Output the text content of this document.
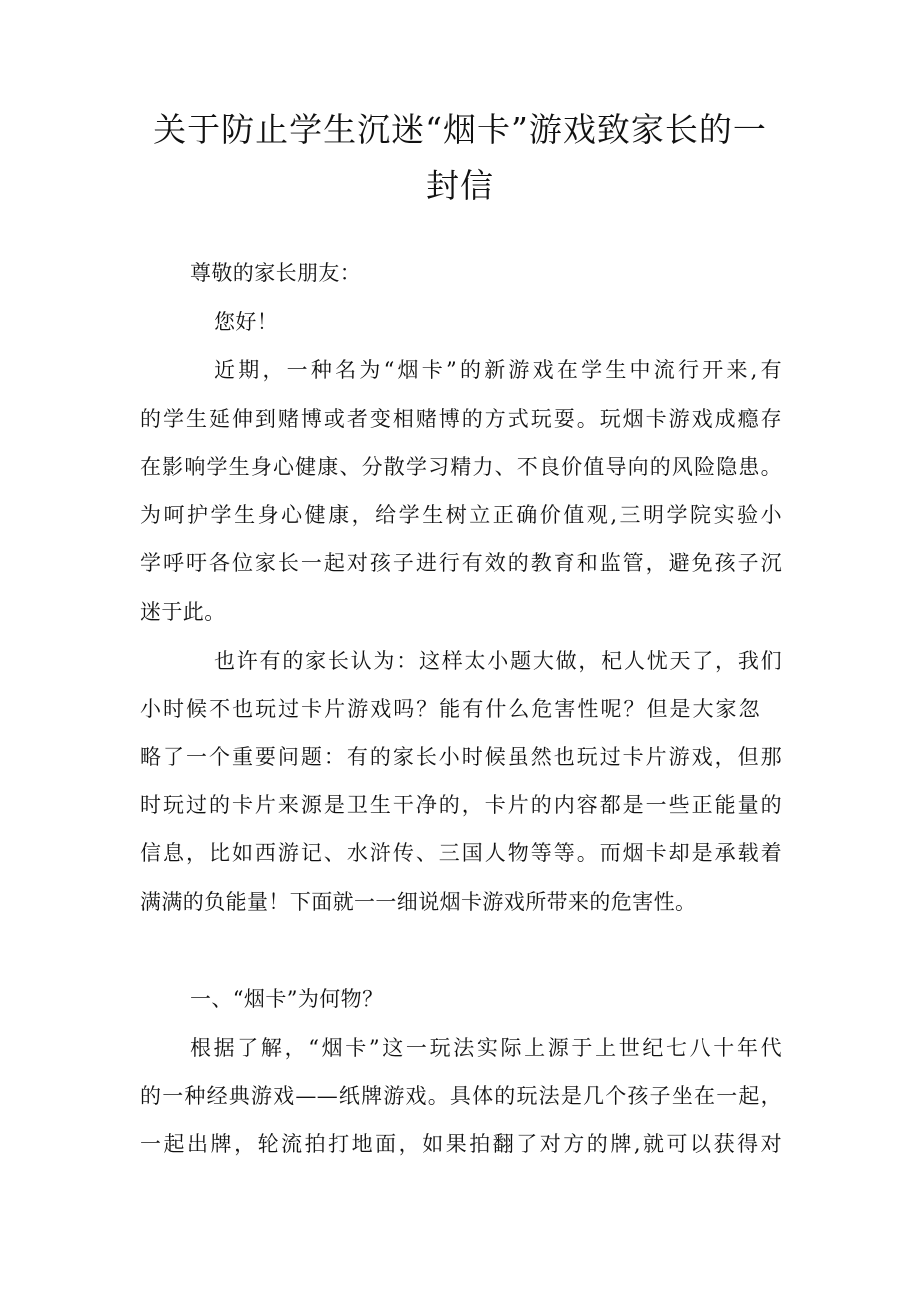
关于防止学生沉迷“烟卡”游戏致家长的一封信
尊敬的家长朋友：
您好！
近期，一种名为“烟卡”的新游戏在学生中流行开来,有
的学生延伸到赌博或者变相赌博的方式玩耍。玩烟卡游戏成瘾存
在影响学生身心健康、分散学习精力、不良价值导向的风险隐患。
为呵护学生身心健康，给学生树立正确价值观,三明学院实验小
学呼吁各位家长一起对孩子进行有效的教育和监管，避免孩子沉
迷于此。
也许有的家长认为：这样太小题大做，杞人忧天了，我们
小时候不也玩过卡片游戏吗？能有什么危害性呢？但是大家忽
略了一个重要问题：有的家长小时候虽然也玩过卡片游戏，但那
时玩过的卡片来源是卫生干净的，卡片的内容都是一些正能量的
信息，比如西游记、水浒传、三国人物等等。而烟卡却是承载着
满满的负能量！下面就一一细说烟卡游戏所带来的危害性。
一、“烟卡”为何物？
根据了解，“烟卡”这一玩法实际上源于上世纪七八十年代
的一种经典游戏——纸牌游戏。具体的玩法是几个孩子坐在一起，
一起出牌，轮流拍打地面，如果拍翻了对方的牌,就可以获得对
